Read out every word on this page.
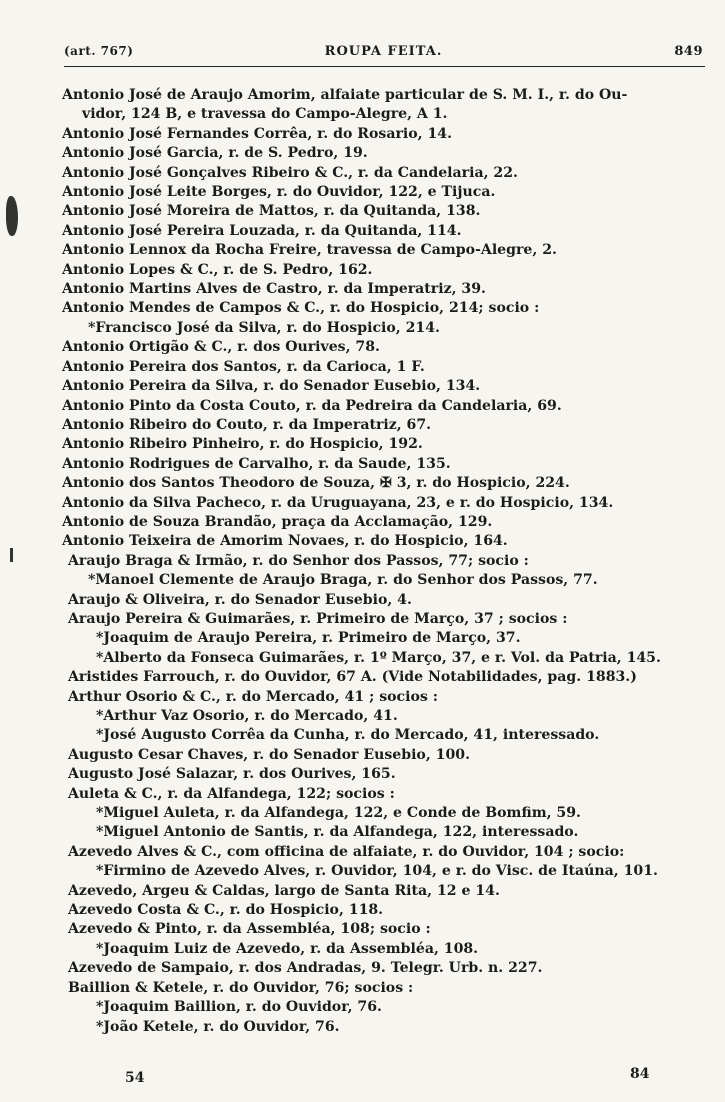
(art. 767)	ROUPA FEITA.	849
Antonio José de Araujo Amorim, alfaiate particular de S. M. I., r. do Ou-
vidor, 124 B, e travessa do Campo-Alegre, A 1.
Antonio José Fernandes Corrêa, r. do Rosario, 14.
Antonio José Garcia, r. de S. Pedro, 19.
Antonio José Gonçalves Ribeiro & C., r. da Candelaria, 22.
Antonio José Leite Borges, r. do Ouvidor, 122, e Tijuca.
Antonio José Moreira de Mattos, r. da Quitanda, 138.
Antonio José Pereira Louzada, r. da Quitanda, 114.
Antonio Lennox da Rocha Freire, travessa de Campo-Alegre, 2.
Antonio Lopes & C., r. de S. Pedro, 162.
Antonio Martins Alves de Castro, r. da Imperatriz, 39.
Antonio Mendes de Campos & C., r. do Hospicio, 214; socio :
*Francisco José da Silva, r. do Hospicio, 214.
Antonio Ortigão & C., r. dos Ourives, 78.
Antonio Pereira dos Santos, r. da Carioca, 1 F.
Antonio Pereira da Silva, r. do Senador Eusebio, 134.
Antonio Pinto da Costa Couto, r. da Pedreira da Candelaria, 69.
Antonio Ribeiro do Couto, r. da Imperatriz, 67.
Antonio Ribeiro Pinheiro, r. do Hospicio, 192.
Antonio Rodrigues de Carvalho, r. da Saude, 135.
Antonio dos Santos Theodoro de Souza, ✠ 3, r. do Hospicio, 224.
Antonio da Silva Pacheco, r. da Uruguayana, 23, e r. do Hospicio, 134.
Antonio de Souza Brandão, praça da Acclamação, 129.
Antonio Teixeira de Amorim Novaes, r. do Hospicio, 164.
Araujo Braga & Irmão, r. do Senhor dos Passos, 77; socio :
*Manoel Clemente de Araujo Braga, r. do Senhor dos Passos, 77.
Araujo & Oliveira, r. do Senador Eusebio, 4.
Araujo Pereira & Guimarães, r. Primeiro de Março, 37 ; socios :
*Joaquim de Araujo Pereira, r. Primeiro de Março, 37.
*Alberto da Fonseca Guimarães, r. 1º Março, 37, e r. Vol. da Patria, 145.
Aristides Farrouch, r. do Ouvidor, 67 A. (Vide Notabilidades, pag. 1883.)
Arthur Osorio & C., r. do Mercado, 41 ; socios :
*Arthur Vaz Osorio, r. do Mercado, 41.
*José Augusto Corrêa da Cunha, r. do Mercado, 41, interessado.
Augusto Cesar Chaves, r. do Senador Eusebio, 100.
Augusto José Salazar, r. dos Ourives, 165.
Auleta & C., r. da Alfandega, 122; socios :
*Miguel Auleta, r. da Alfandega, 122, e Conde de Bomfim, 59.
*Miguel Antonio de Santis, r. da Alfandega, 122, interessado.
Azevedo Alves & C., com officina de alfaiate, r. do Ouvidor, 104 ; socio:
*Firmino de Azevedo Alves, r. Ouvidor, 104, e r. do Visc. de Itaúna, 101.
Azevedo, Argeu & Caldas, largo de Santa Rita, 12 e 14.
Azevedo Costa & C., r. do Hospicio, 118.
Azevedo & Pinto, r. da Assembléa, 108; socio :
*Joaquim Luiz de Azevedo, r. da Assembléa, 108.
Azevedo de Sampaio, r. dos Andradas, 9. Telegr. Urb. n. 227.
Baillion & Ketele, r. do Ouvidor, 76; socios :
*Joaquim Baillion, r. do Ouvidor, 76.
*João Ketele, r. do Ouvidor, 76.
54	84
